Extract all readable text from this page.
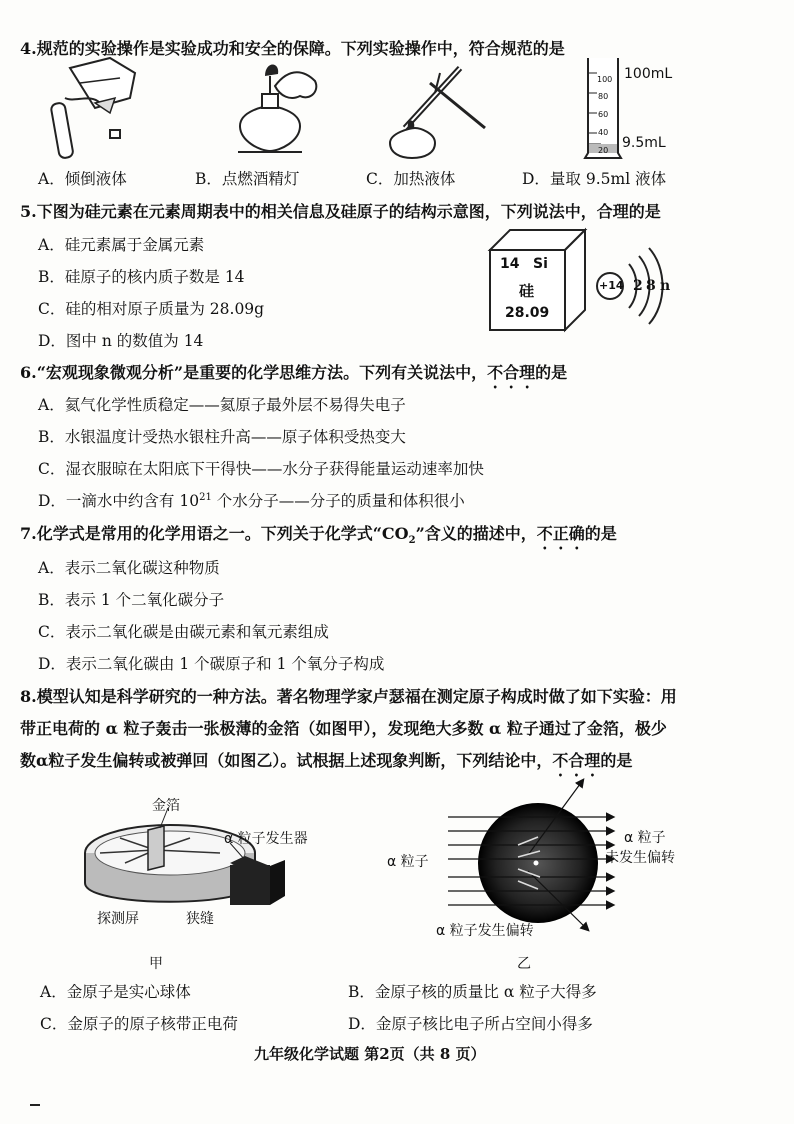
4.规范的实验操作是实验成功和安全的保障。下列实验操作中，符合规范的是
100
80
60
40
20
100mL
9.5mL
A．倾倒液体	B．点燃酒精灯	C．加热液体	D．量取 9.5ml 液体
5.下图为硅元素在元素周期表中的相关信息及硅原子的结构示意图，下列说法中，合理的是
A．硅元素属于金属元素
B．硅原子的核内质子数是 14
C．硅的相对原子质量为 28.09g
D．图中 n 的数值为 14
14 Si
硅
28.09
+14 2 8 n
6.“宏观现象微观分析”是重要的化学思维方法。下列有关说法中，不合理的是
A．氦气化学性质稳定——氦原子最外层不易得失电子
B．水银温度计受热水银柱升高——原子体积受热变大
C．湿衣服晾在太阳底下干得快——水分子获得能量运动速率加快
D．一滴水中约含有 $10^{21}$ 个水分子——分子的质量和体积很小
7.化学式是常用的化学用语之一。下列关于化学式“$CO_2$”含义的描述中，不正确的是
A．表示二氧化碳这种物质
B．表示 1 个二氧化碳分子
C．表示二氧化碳是由碳元素和氧元素组成
D．表示二氧化碳由 1 个碳原子和 1 个氧分子构成
8.模型认知是科学研究的一种方法。著名物理学家卢瑟福在测定原子构成时做了如下实验：用
带正电荷的 α 粒子轰击一张极薄的金箔（如图甲），发现绝大多数 α 粒子通过了金箔，极少
数α粒子发生偏转或被弹回（如图乙）。试根据上述现象判断，下列结论中，不合理的是
金箔
α 粒子发生器
探测屏	狭缝
甲
α 粒子
α 粒子
未发生偏转
α 粒子发生偏转
乙
A．金原子是实心球体	B．金原子核的质量比 α 粒子大得多
C．金原子的原子核带正电荷	D．金原子核比电子所占空间小得多
九年级化学试题 第2页（共 8 页）
